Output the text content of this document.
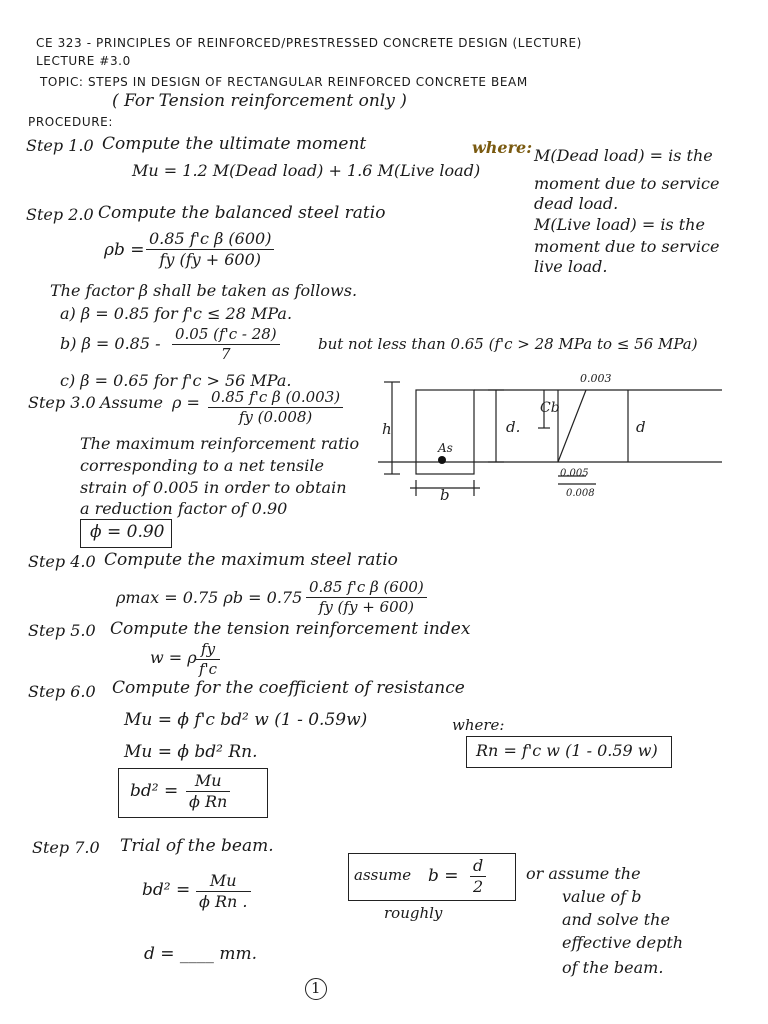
CE 323 - PRINCIPLES OF REINFORCED/PRESTRESSED CONCRETE DESIGN (LECTURE)
LECTURE #3.0
TOPIC: STEPS IN DESIGN OF RECTANGULAR REINFORCED CONCRETE BEAM
( For Tension reinforcement only )
PROCEDURE:
Step 1.0 Compute the ultimate moment
Mu = 1.2 M(Dead load) + 1.6 M(Live load)
where: M(Dead load) = is the
moment due to service
dead load.
M(Live load) = is the
moment due to service
live load.
Step 2.0 Compute the balanced steel ratio
$\rho b = \frac{\text{0.85 f'c β (600)}}{fy (fy + 600)}$
The factor β shall be taken as follows.
a) β = 0.85 for f'c ≤ 28 MPa.
b) $\beta = 0.85 - \frac{0.05 (f'c - 28)}{7}$	but not less than 0.65 (f'c > 28 MPa to ≤ 56 MPa)
c) β = 0.65 for f'c > 56 MPa.
Step 3.0 Assume $\rho = \frac{\text{0.85 f'c β (0.003)}}{fy (0.008)}$
The maximum reinforcement ratio
corresponding to a net tensile
strain of 0.005 in order to obtain
a reduction factor of 0.90
ϕ = 0.90
h	d.	d
As
b
Cb
0.003
0.005
0.008
Step 4.0 Compute the maximum steel ratio
ρmax = 0.75 $\rho b = 0.75 \frac{\text{0.85 f'c β (600)}}{fy (fy + 600)}$
Step 5.0 Compute the tension reinforcement index
w = ρ $\frac{fy}{f'c}$
Step 6.0 Compute for the coefficient of resistance
Mu = ϕ f'c bd² w (1 - 0.59w)
Mu = ϕ bd² Rn.
where:
Rn = f'c w (1 - 0.59 w)
$bd^2 = \frac{Mu}{\text{ϕ Rn}}$
Step 7.0 Trial of the beam.
$bd^2 = \frac{Mu}{\text{ϕ Rn .}}$
d = ____ mm.
assume $b = \frac{d}{2}$
roughly
or assume the
value of b
and solve the
effective depth
of the beam.
1
